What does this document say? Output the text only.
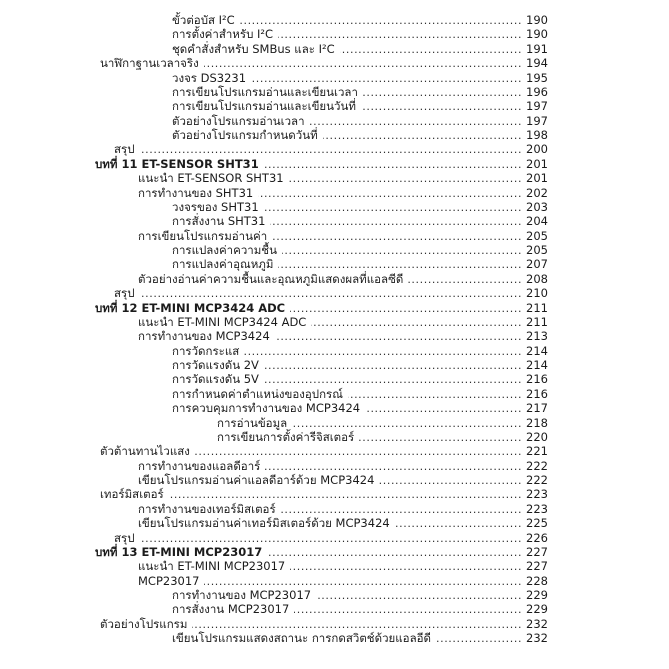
ขั้วต่อบัส I²C .....	190
การตั้งค่าสำหรับ I²C .....	190
ชุดคำสั่งสำหรับ SMBus และ I²C .....	191
นาฬิกาฐานเวลาจริง .....	194
วงจร DS3231 .....	195
การเขียนโปรแกรมอ่านและเขียนเวลา .....	196
การเขียนโปรแกรมอ่านและเขียนวันที่ .....	197
ตัวอย่างโปรแกรมอ่านเวลา .....	197
ตัวอย่างโปรแกรมกำหนดวันที่ .....	198
สรุป .....	200
บทที่ 11 ET-SENSOR SHT31 .....	201
แนะนำ ET-SENSOR SHT31 .....	201
การทำงานของ SHT31 .....	202
วงจรของ SHT31 .....	203
การสั่งงาน SHT31 .....	204
การเขียนโปรแกรมอ่านค่า .....	205
การแปลงค่าความชื้น .....	205
การแปลงค่าอุณหภูมิ .....	207
ตัวอย่างอ่านค่าความชื้นและอุณหภูมิแสดงผลที่แอลซีดี .....	208
สรุป .....	210
บทที่ 12 ET-MINI MCP3424 ADC .....	211
แนะนำ ET-MINI MCP3424 ADC .....	211
การทำงานของ MCP3424 .....	213
การวัดกระแส .....	214
การวัดแรงดัน 2V .....	214
การวัดแรงดัน 5V .....	216
การกำหนดค่าตำแหน่งของอุปกรณ์ .....	216
การควบคุมการทำงานของ MCP3424 .....	217
การอ่านข้อมูล .....	218
การเขียนการตั้งค่ารีจิสเตอร์ .....	220
ตัวต้านทานไวแสง .....	221
การทำงานของแอลดีอาร์ .....	222
เขียนโปรแกรมอ่านค่าแอลดีอาร์ด้วย MCP3424 .....	222
เทอร์มิสเตอร์ .....	223
การทำงานของเทอร์มิสเตอร์ .....	223
เขียนโปรแกรมอ่านค่าเทอร์มิสเตอร์ด้วย MCP3424 .....	225
สรุป .....	226
บทที่ 13 ET-MINI MCP23017 .....	227
แนะนำ ET-MINI MCP23017 .....	227
MCP23017 .....	228
การทำงานของ MCP23017 .....	229
การสั่งงาน MCP23017 .....	229
ตัวอย่างโปรแกรม .....	232
เขียนโปรแกรมแสดงสถานะ การกดสวิตช์ด้วยแอลอีดี .....	232
